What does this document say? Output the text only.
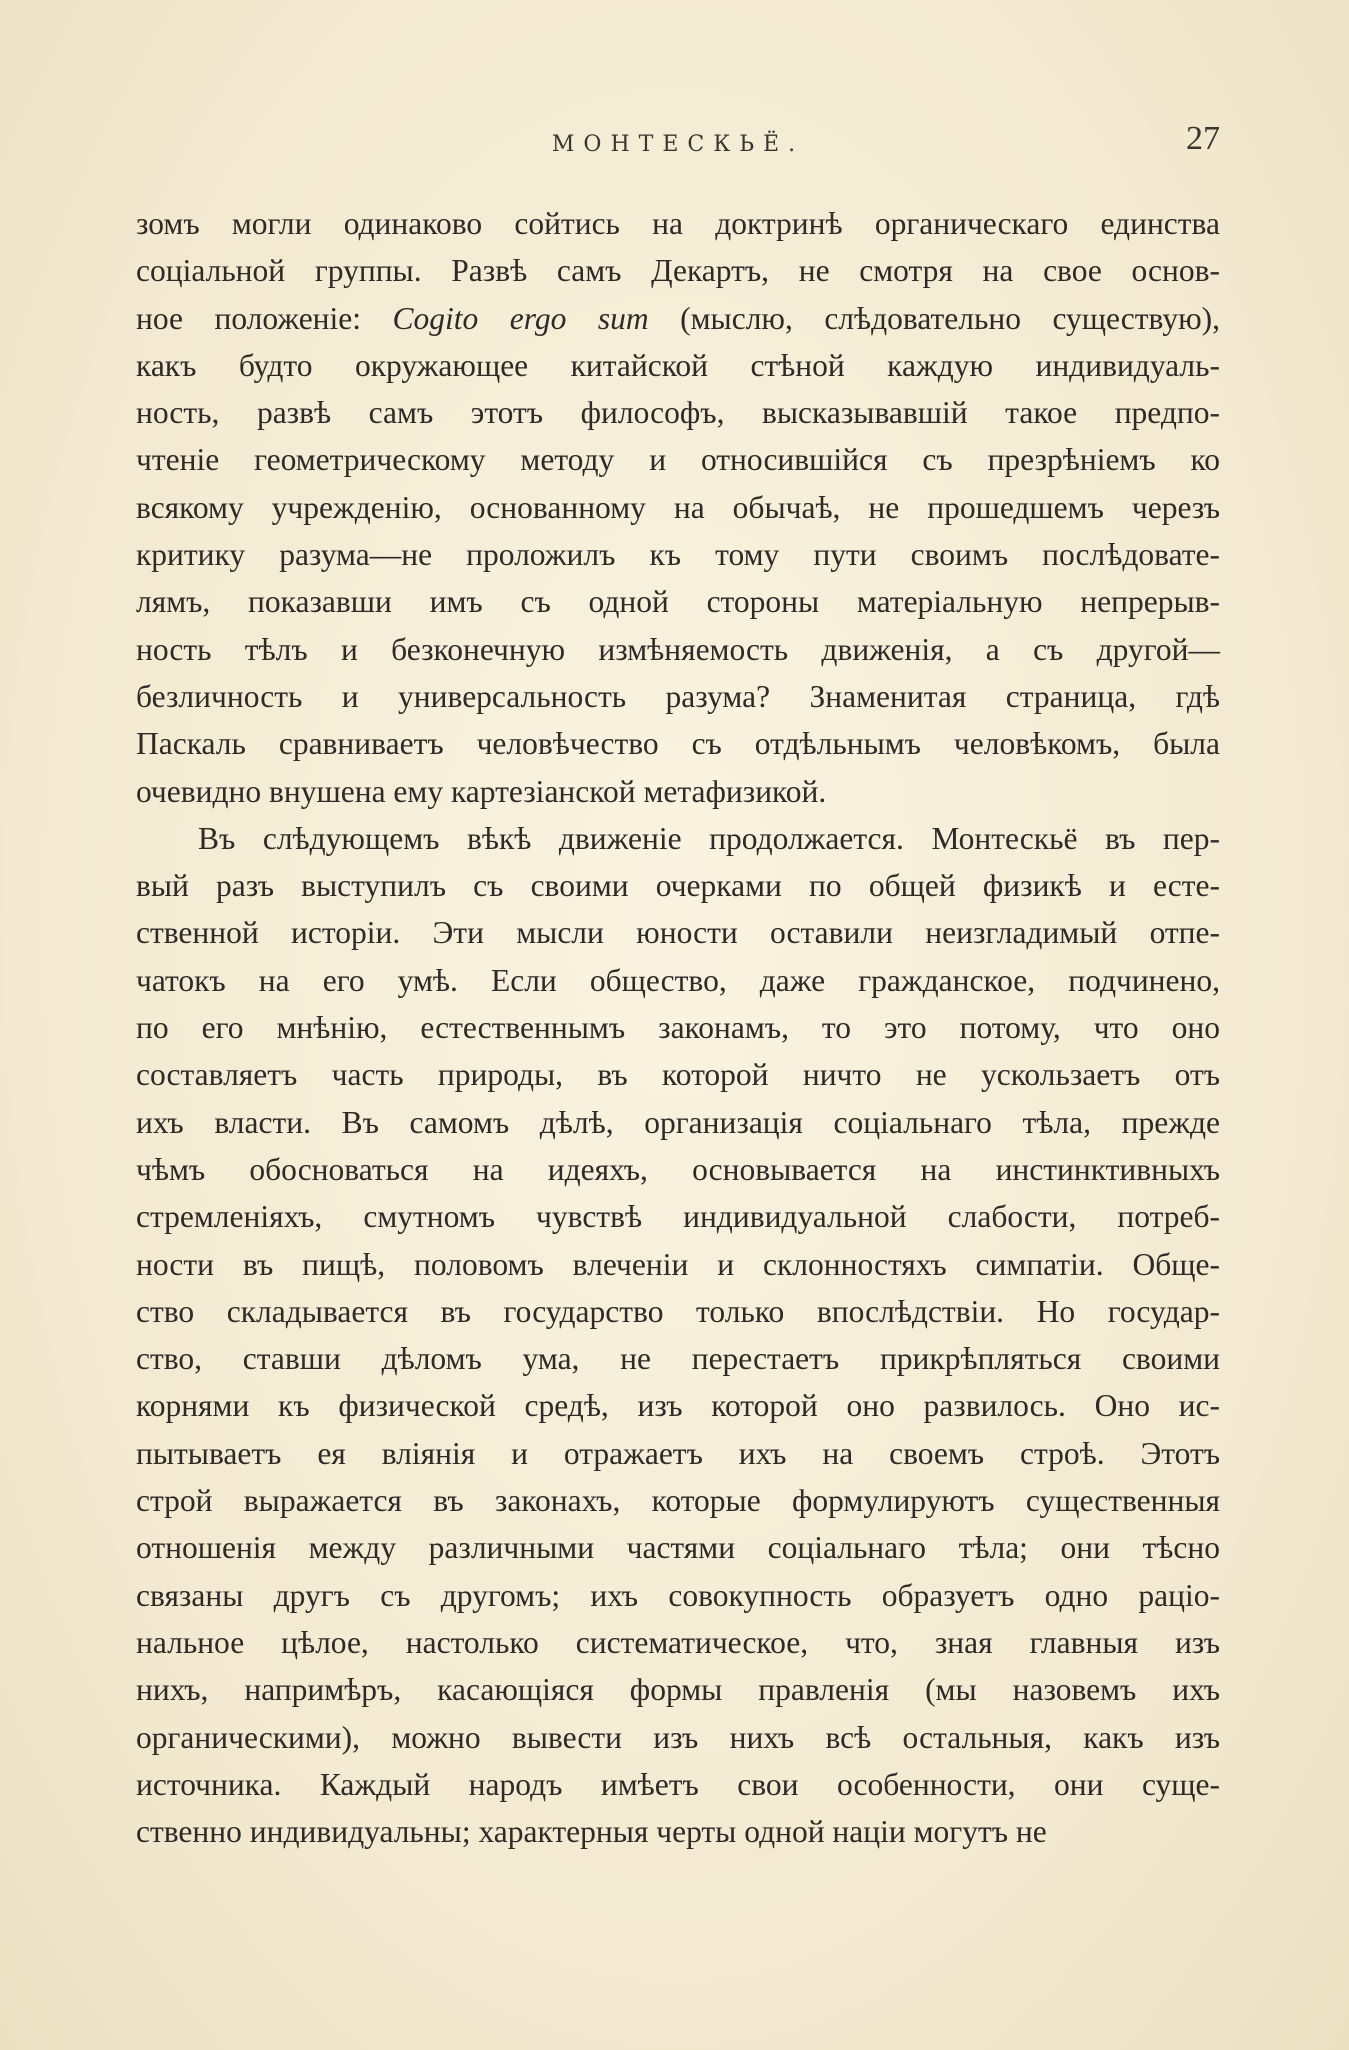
МОНТЕСКЬЁ.	27
зомъ могли одинаково сойтись на доктринѣ органическаго единства
соціальной группы. Развѣ самъ Декартъ, не смотря на свое основ-
ное положеніе: Cogito ergo sum (мыслю, слѣдовательно существую),
какъ будто окружающее китайской стѣной каждую индивидуаль-
ность, развѣ самъ этотъ философъ, высказывавшій такое предпо-
чтеніе геометрическому методу и относившійся съ презрѣніемъ ко
всякому учрежденію, основанному на обычаѣ, не прошедшемъ черезъ
критику разума—не проложилъ къ тому пути своимъ послѣдовате-
лямъ, показавши имъ съ одной стороны матеріальную непрерыв-
ность тѣлъ и безконечную измѣняемость движенія, а съ другой—
безличность и универсальность разума? Знаменитая страница, гдѣ
Паскаль сравниваетъ человѣчество съ отдѣльнымъ человѣкомъ, была
очевидно внушена ему картезіанской метафизикой.
Въ слѣдующемъ вѣкѣ движеніе продолжается. Монтескьё въ пер-
вый разъ выступилъ съ своими очерками по общей физикѣ и есте-
ственной исторіи. Эти мысли юности оставили неизгладимый отпе-
чатокъ на его умѣ. Если общество, даже гражданское, подчинено,
по его мнѣнію, естественнымъ законамъ, то это потому, что оно
составляетъ часть природы, въ которой ничто не ускользаетъ отъ
ихъ власти. Въ самомъ дѣлѣ, организація соціальнаго тѣла, прежде
чѣмъ обосноваться на идеяхъ, основывается на инстинктивныхъ
стремленіяхъ, смутномъ чувствѣ индивидуальной слабости, потреб-
ности въ пищѣ, половомъ влеченіи и склонностяхъ симпатіи. Обще-
ство складывается въ государство только впослѣдствіи. Но государ-
ство, ставши дѣломъ ума, не перестаетъ прикрѣпляться своими
корнями къ физической средѣ, изъ которой оно развилось. Оно ис-
пытываетъ ея вліянія и отражаетъ ихъ на своемъ строѣ. Этотъ
строй выражается въ законахъ, которые формулируютъ существенныя
отношенія между различными частями соціальнаго тѣла; они тѣсно
связаны другъ съ другомъ; ихъ совокупность образуетъ одно раціо-
нальное цѣлое, настолько систематическое, что, зная главныя изъ
нихъ, напримѣръ, касающіяся формы правленія (мы назовемъ ихъ
органическими), можно вывести изъ нихъ всѣ остальныя, какъ изъ
источника. Каждый народъ имѣетъ свои особенности, они суще-
ственно индивидуальны; характерныя черты одной націи могутъ не
